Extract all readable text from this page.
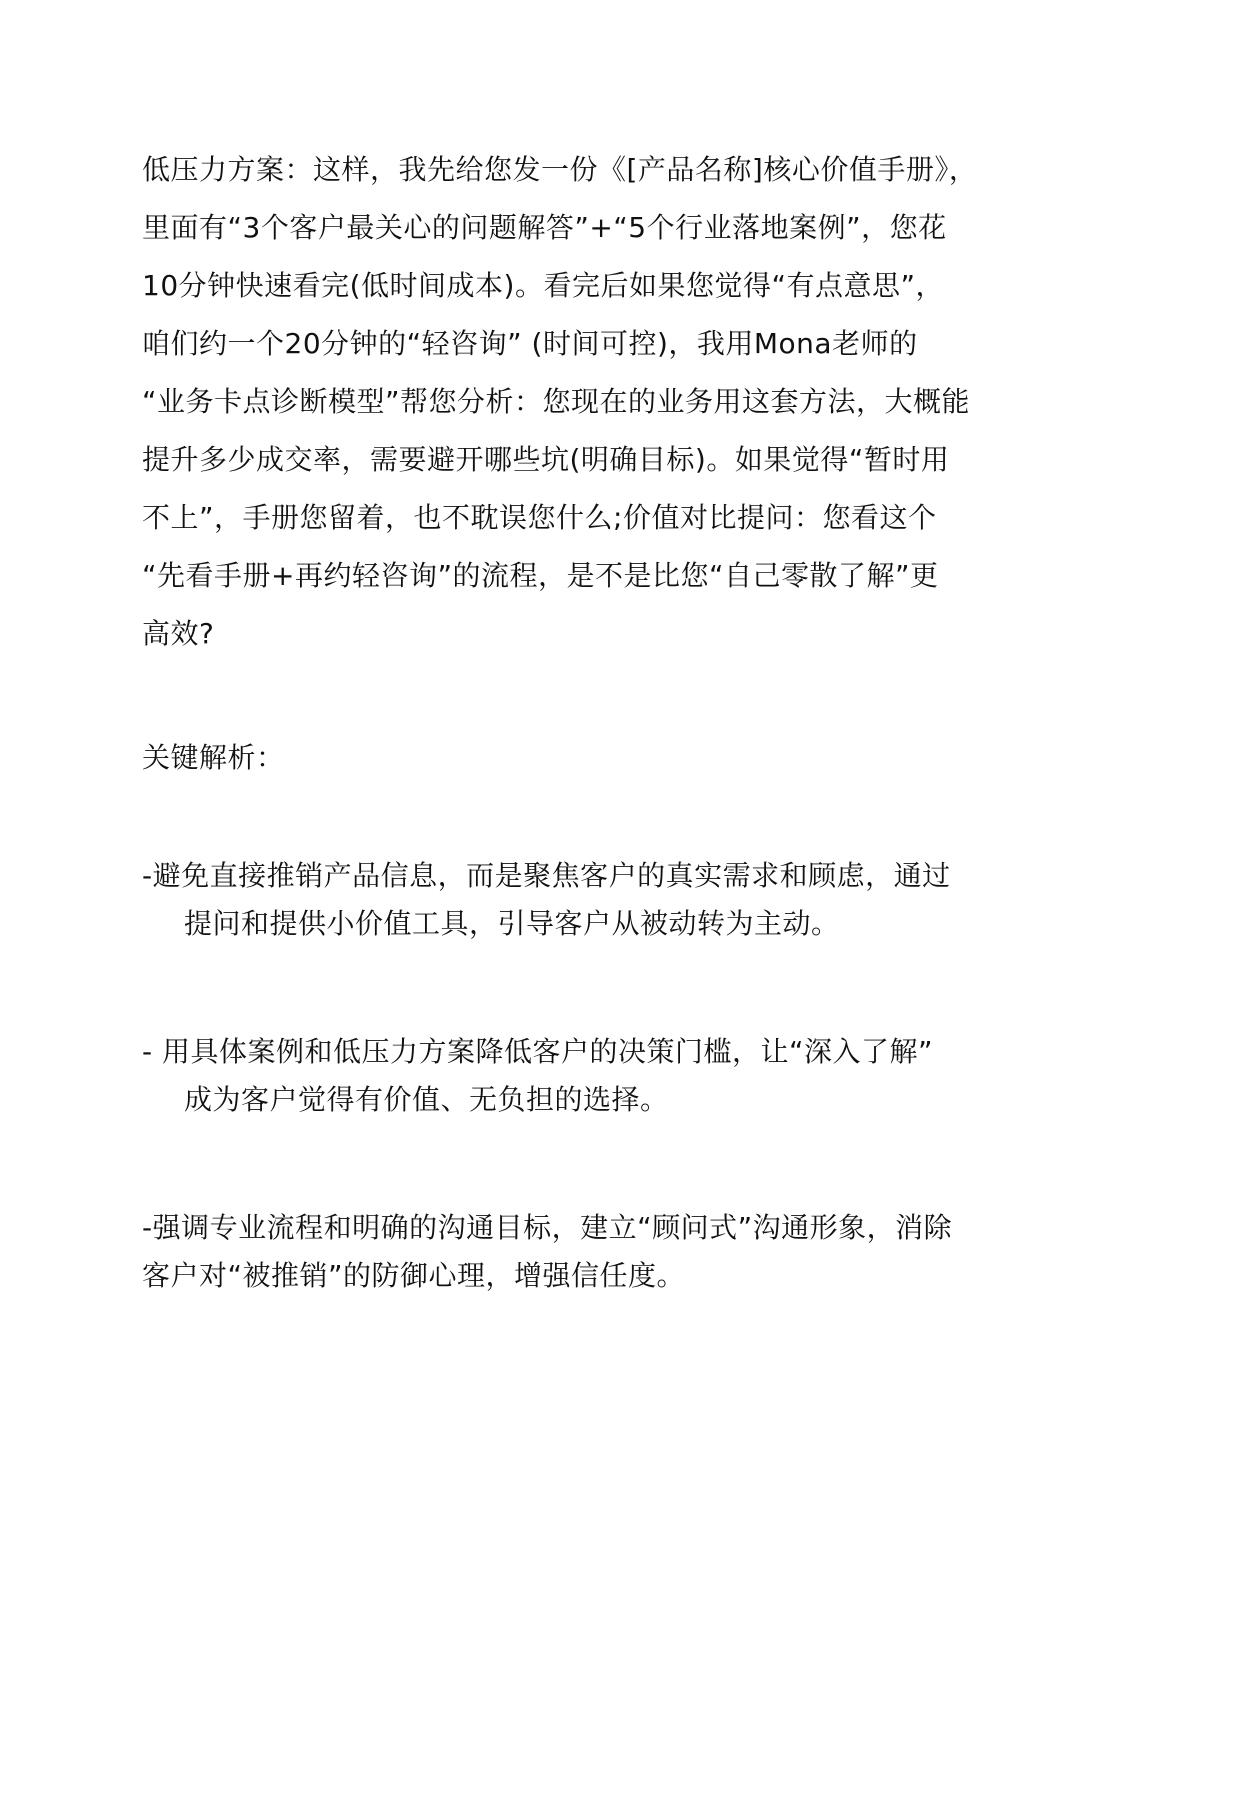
低压力方案：这样，我先给您发一份《[产品名称]核心价值手册》，
里面有“3个客户最关心的问题解答”+“5个行业落地案例”，您花
10分钟快速看完(低时间成本)。看完后如果您觉得“有点意思”，
咱们约一个20分钟的“轻咨询” (时间可控)，我用Mona老师的
“业务卡点诊断模型”帮您分析：您现在的业务用这套方法，大概能
提升多少成交率，需要避开哪些坑(明确目标)。如果觉得“暂时用
不上”，手册您留着，也不耽误您什么;价值对比提问：您看这个
“先看手册+再约轻咨询”的流程，是不是比您“自己零散了解”更
高效?
关键解析：
-避免直接推销产品信息，而是聚焦客户的真实需求和顾虑，通过
提问和提供小价值工具，引导客户从被动转为主动。
- 用具体案例和低压力方案降低客户的决策门槛，让“深入了解”
成为客户觉得有价值、无负担的选择。
-强调专业流程和明确的沟通目标，建立“顾问式”沟通形象，消除
客户对“被推销”的防御心理，增强信任度。
